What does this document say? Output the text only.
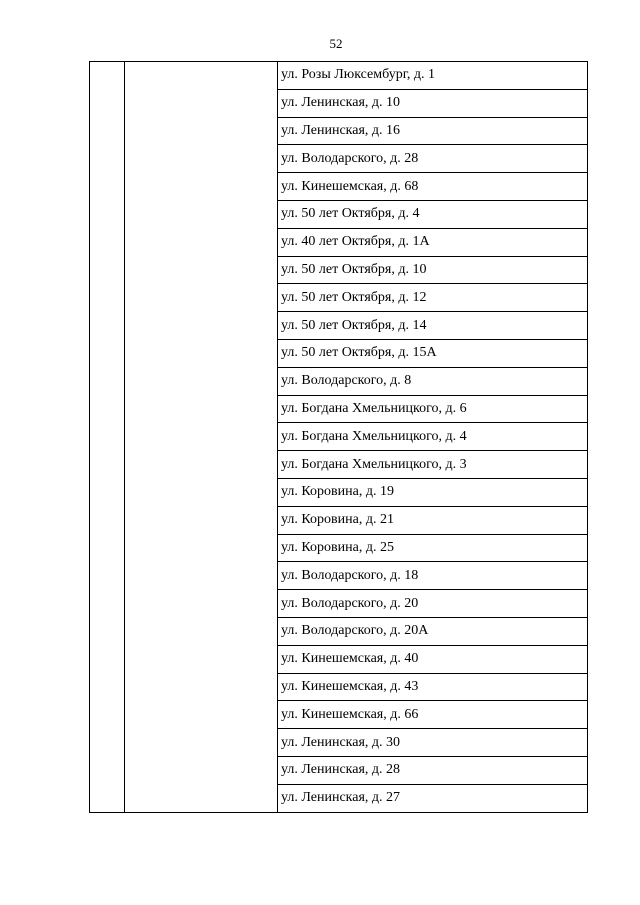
52
		ул. Розы Люксембург, д. 1
ул. Ленинская, д. 10
ул. Ленинская, д. 16
ул. Володарского, д. 28
ул. Кинешемская, д. 68
ул. 50 лет Октября, д. 4
ул. 40 лет Октября, д. 1А
ул. 50 лет Октября, д. 10
ул. 50 лет Октября, д. 12
ул. 50 лет Октября, д. 14
ул. 50 лет Октября, д. 15А
ул. Володарского, д. 8
ул. Богдана Хмельницкого, д. 6
ул. Богдана Хмельницкого, д. 4
ул. Богдана Хмельницкого, д. 3
ул. Коровина, д. 19
ул. Коровина, д. 21
ул. Коровина, д. 25
ул. Володарского, д. 18
ул. Володарского, д. 20
ул. Володарского, д. 20А
ул. Кинешемская, д. 40
ул. Кинешемская, д. 43
ул. Кинешемская, д. 66
ул. Ленинская, д. 30
ул. Ленинская, д. 28
ул. Ленинская, д. 27
